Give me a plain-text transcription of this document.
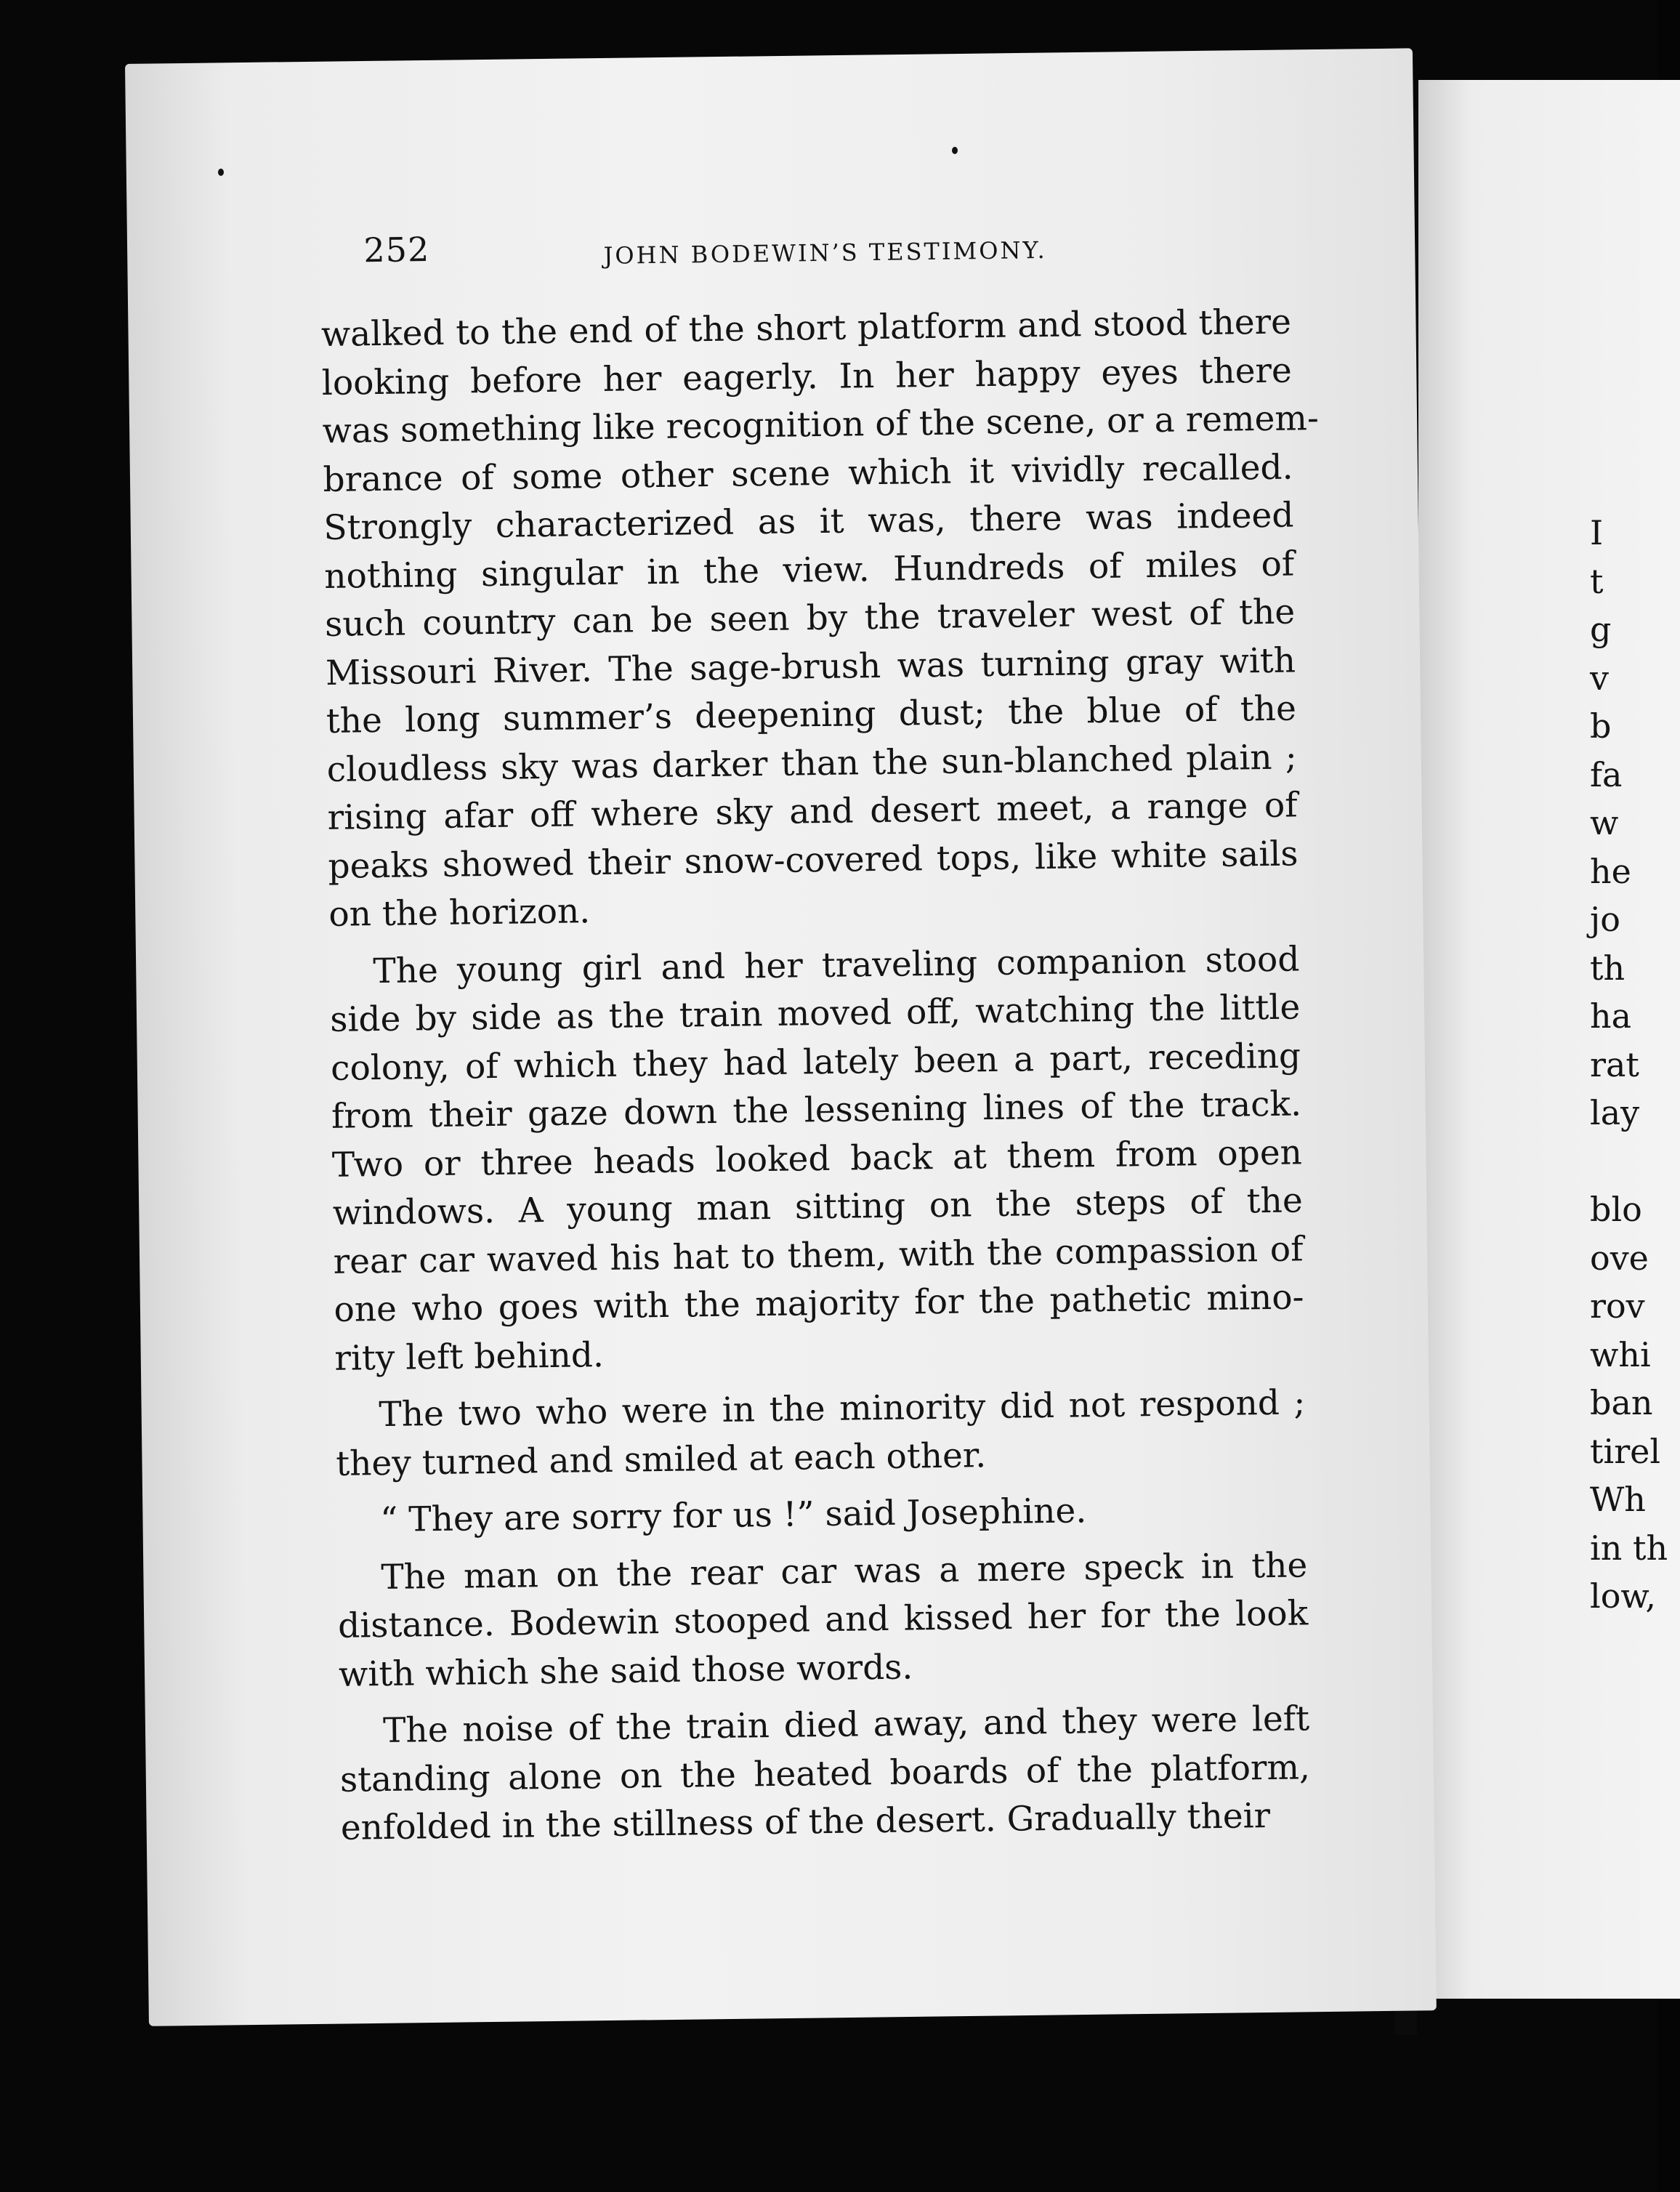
252	JOHN BODEWIN’S TESTIMONY.

walked to the end of the short platform and stood there
looking before her eagerly. In her happy eyes there
was something like recognition of the scene, or a remem-
brance of some other scene which it vividly recalled.
Strongly characterized as it was, there was indeed
nothing singular in the view. Hundreds of miles of
such country can be seen by the traveler west of the
Missouri River. The sage-brush was turning gray with
the long summer’s deepening dust; the blue of the
cloudless sky was darker than the sun-blanched plain ;
rising afar off where sky and desert meet, a range of
peaks showed their snow-covered tops, like white sails
on the horizon.

The young girl and her traveling companion stood
side by side as the train moved off, watching the little
colony, of which they had lately been a part, receding
from their gaze down the lessening lines of the track.
Two or three heads looked back at them from open
windows. A young man sitting on the steps of the
rear car waved his hat to them, with the compassion of
one who goes with the majority for the pathetic mino-
rity left behind.

The two who were in the minority did not respond ;
they turned and smiled at each other.

“ They are sorry for us !” said Josephine.

The man on the rear car was a mere speck in the
distance. Bodewin stooped and kissed her for the look
with which she said those words.

The noise of the train died away, and they were left
standing alone on the heated boards of the platform,
enfolded in the stillness of the desert. Gradually their

I
t
g
v
b
fa
w
he
jo
th
ha
rat
lay

blo
ove
rov
whi
ban
tirel
Wh
in th
low,
